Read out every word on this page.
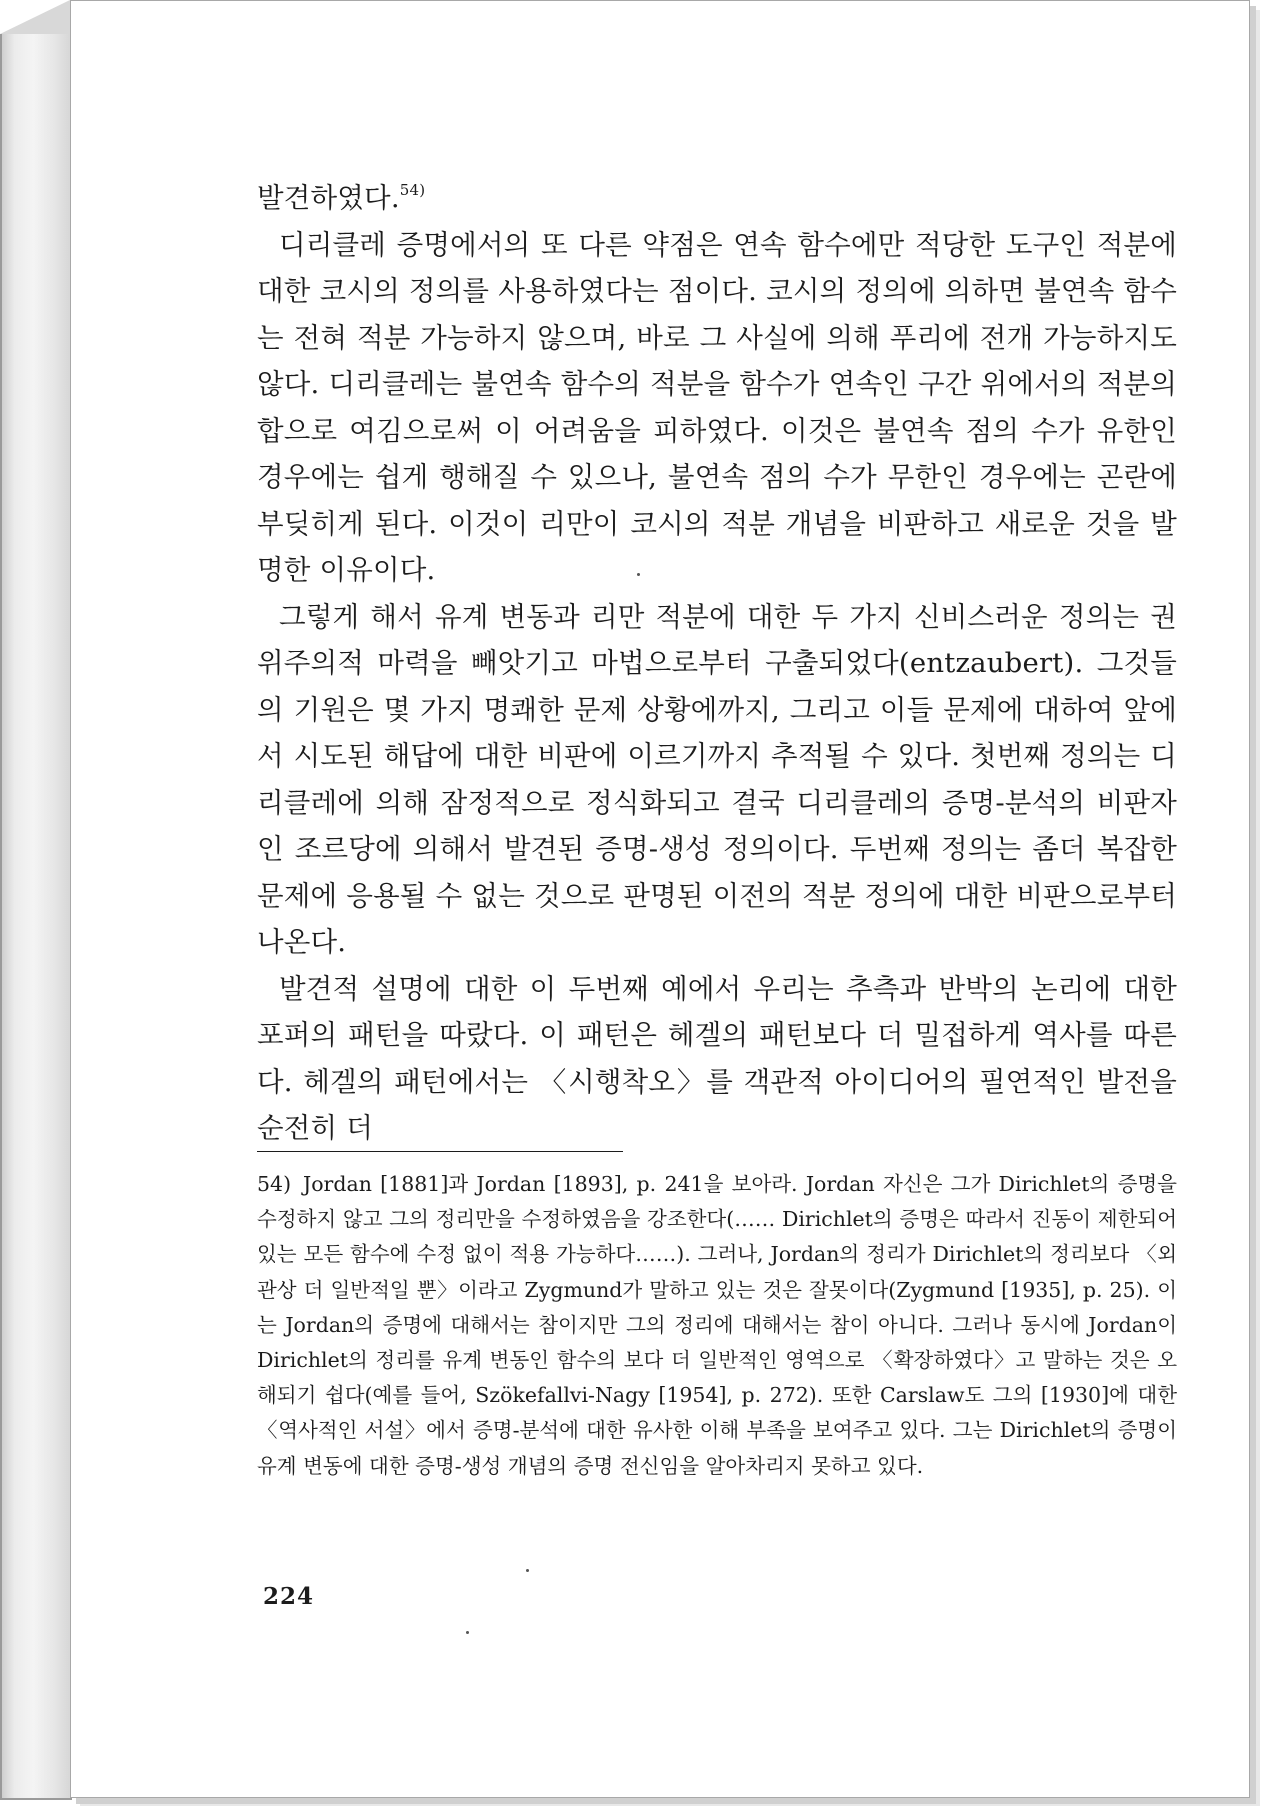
발견하였다.$^{54)}$

디리클레 증명에서의 또 다른 약점은 연속 함수에만 적당한 도구인 적분에 대한 코시의 정의를 사용하였다는 점이다. 코시의 정의에 의하면 불연속 함수는 전혀 적분 가능하지 않으며, 바로 그 사실에 의해 푸리에 전개 가능하지도 않다. 디리클레는 불연속 함수의 적분을 함수가 연속인 구간 위에서의 적분의 합으로 여김으로써 이 어려움을 피하였다. 이것은 불연속 점의 수가 유한인 경우에는 쉽게 행해질 수 있으나, 불연속 점의 수가 무한인 경우에는 곤란에 부딪히게 된다. 이것이 리만이 코시의 적분 개념을 비판하고 새로운 것을 발명한 이유이다.

그렇게 해서 유계 변동과 리만 적분에 대한 두 가지 신비스러운 정의는 권위주의적 마력을 빼앗기고 마법으로부터 구출되었다(entzaubert). 그것들의 기원은 몇 가지 명쾌한 문제 상황에까지, 그리고 이들 문제에 대하여 앞에서 시도된 해답에 대한 비판에 이르기까지 추적될 수 있다. 첫번째 정의는 디리클레에 의해 잠정적으로 정식화되고 결국 디리클레의 증명-분석의 비판자인 조르당에 의해서 발견된 증명-생성 정의이다. 두번째 정의는 좀더 복잡한 문제에 응용될 수 없는 것으로 판명된 이전의 적분 정의에 대한 비판으로부터 나온다.

발견적 설명에 대한 이 두번째 예에서 우리는 추측과 반박의 논리에 대한 포퍼의 패턴을 따랐다. 이 패턴은 헤겔의 패턴보다 더 밀접하게 역사를 따른다. 헤겔의 패턴에서는 〈시행착오〉를 객관적 아이디어의 필연적인 발전을 순전히 더

54) Jordan [1881]과 Jordan [1893], p. 241을 보아라. Jordan 자신은 그가 Dirichlet의 증명을 수정하지 않고 그의 정리만을 수정하였음을 강조한다(…… Dirichlet의 증명은 따라서 진동이 제한되어 있는 모든 함수에 수정 없이 적용 가능하다……). 그러나, Jordan의 정리가 Dirichlet의 정리보다 〈외관상 더 일반적일 뿐〉이라고 Zygmund가 말하고 있는 것은 잘못이다(Zygmund [1935], p. 25). 이는 Jordan의 증명에 대해서는 참이지만 그의 정리에 대해서는 참이 아니다. 그러나 동시에 Jordan이 Dirichlet의 정리를 유계 변동인 함수의 보다 더 일반적인 영역으로 〈확장하였다〉고 말하는 것은 오해되기 쉽다(예를 들어, Szökefallvi-Nagy [1954], p. 272). 또한 Carslaw도 그의 [1930]에 대한 〈역사적인 서설〉에서 증명-분석에 대한 유사한 이해 부족을 보여주고 있다. 그는 Dirichlet의 증명이 유계 변동에 대한 증명-생성 개념의 증명 전신임을 알아차리지 못하고 있다.

224
